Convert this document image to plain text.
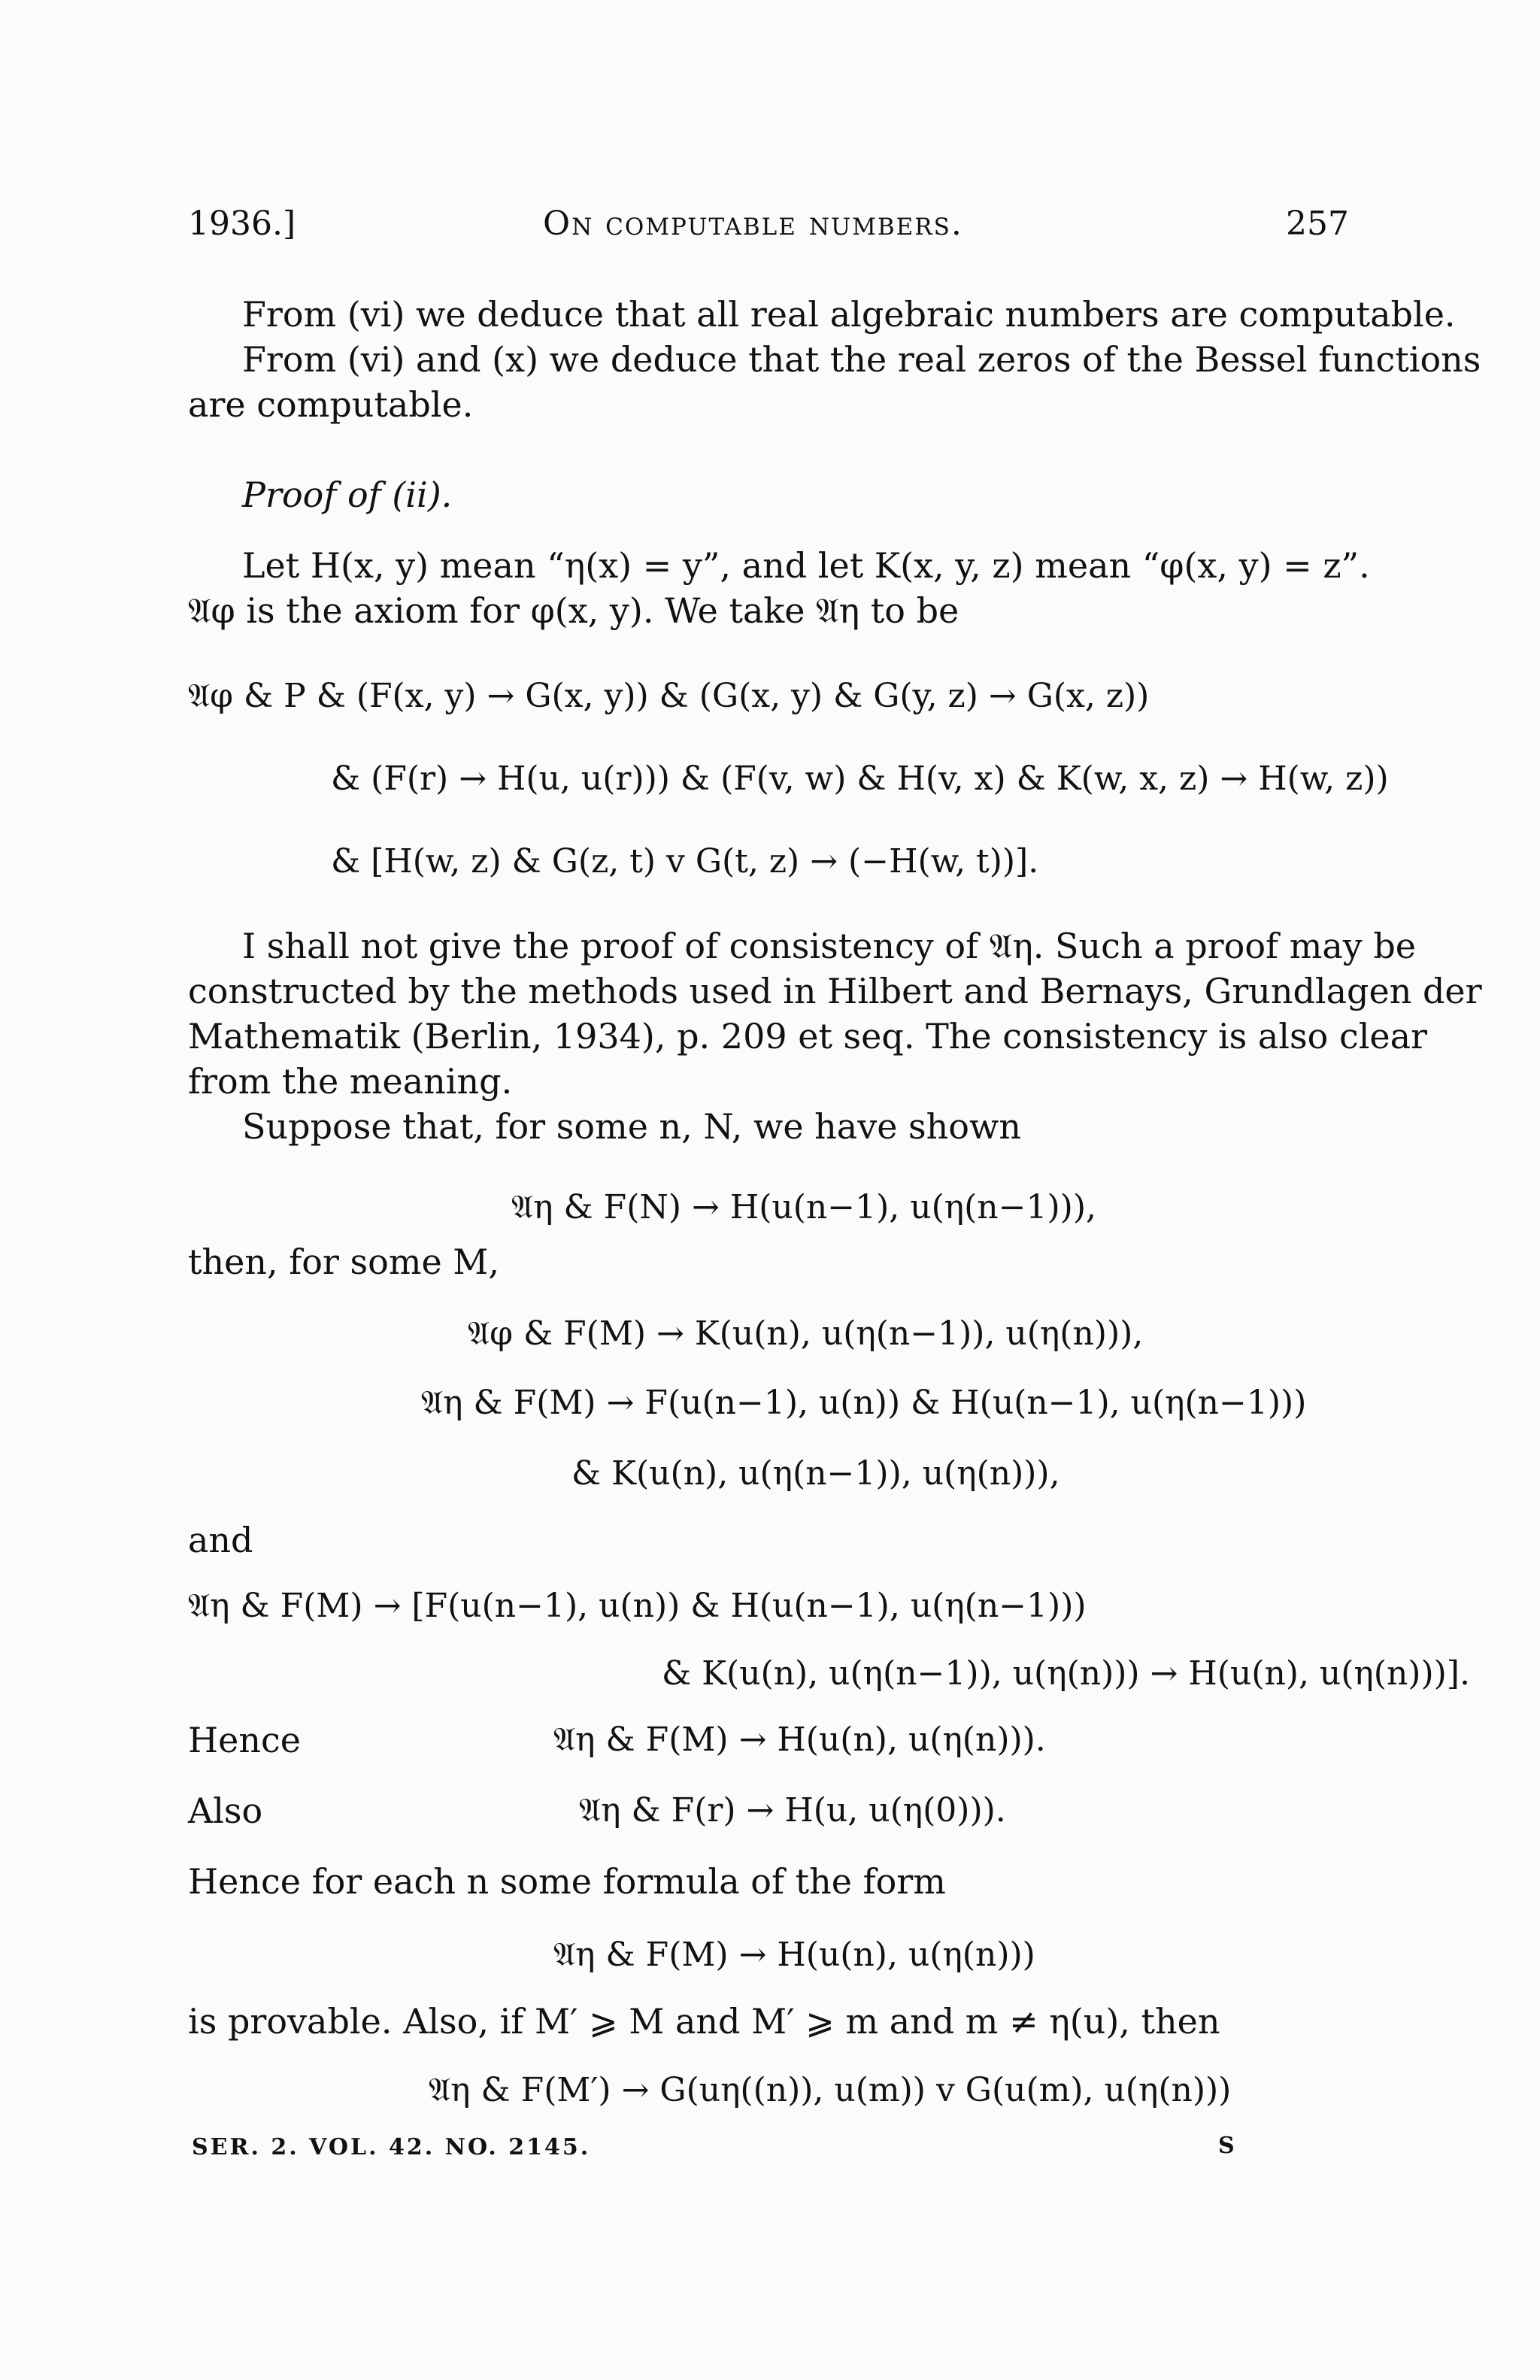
1936.]	On computable numbers.	257
From (vi) we deduce that all real algebraic numbers are computable.
From (vi) and (x) we deduce that the real zeros of the Bessel functions
are computable.
Proof of (ii).
Let H(x, y) mean “η(x) = y”, and let K(x, y, z) mean “φ(x, y) = z”.
𝔄φ is the axiom for φ(x, y). We take 𝔄η to be
𝔄φ & P & (F(x, y) → G(x, y)) & (G(x, y) & G(y, z) → G(x, z))
& (F(r) → H(u, u(r))) & (F(v, w) & H(v, x) & K(w, x, z) → H(w, z))
& [H(w, z) & G(z, t) v G(t, z) → (−H(w, t))].
I shall not give the proof of consistency of 𝔄η. Such a proof may be
constructed by the methods used in Hilbert and Bernays, Grundlagen der
Mathematik (Berlin, 1934), p. 209 et seq. The consistency is also clear
from the meaning.
Suppose that, for some n, N, we have shown
𝔄η & F(N) → H(u(n−1), u(η(n−1))),
then, for some M,
𝔄φ & F(M) → K(u(n), u(η(n−1)), u(η(n))),
𝔄η & F(M) → F(u(n−1), u(n)) & H(u(n−1), u(η(n−1)))
& K(u(n), u(η(n−1)), u(η(n))),
and
𝔄η & F(M) → [F(u(n−1), u(n)) & H(u(n−1), u(η(n−1)))
& K(u(n), u(η(n−1)), u(η(n))) → H(u(n), u(η(n)))].
Hence	𝔄η & F(M) → H(u(n), u(η(n))).
Also	𝔄η & F(r) → H(u, u(η(0))).
Hence for each n some formula of the form
𝔄η & F(M) → H(u(n), u(η(n)))
is provable. Also, if M′ ⩾ M and M′ ⩾ m and m ≠ η(u), then
𝔄η & F(M′) → G(uη((n)), u(m)) v G(u(m), u(η(n)))
SER. 2. VOL. 42. NO. 2145.	S
